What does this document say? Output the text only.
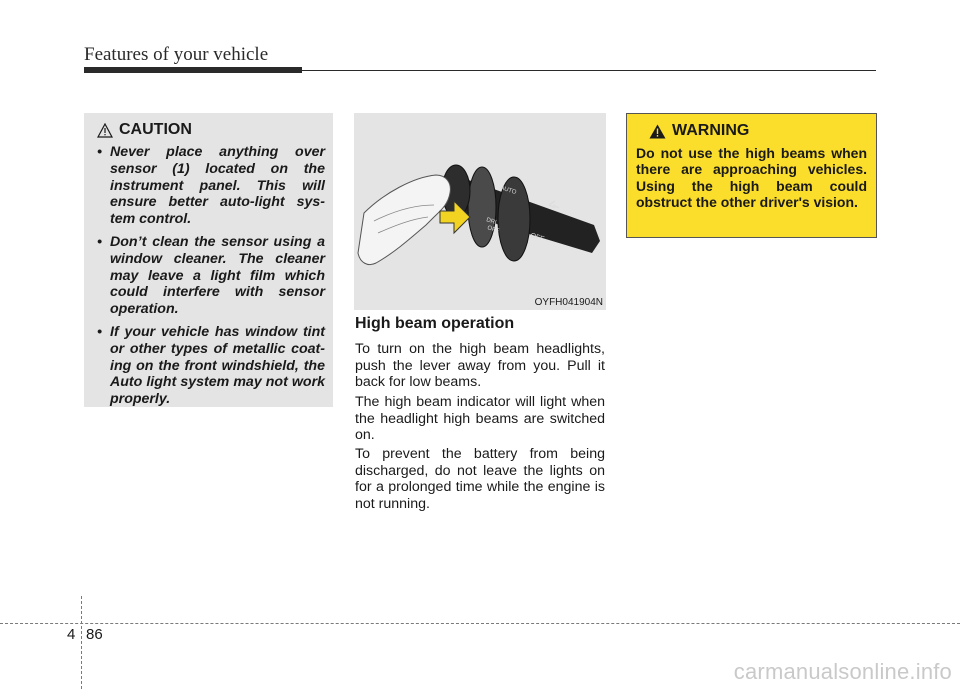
Features of your vehicle
CAUTION
• Never place anything over sensor (1) located on the instrument panel. This will ensure better auto-light sys-tem control.
• Don’t clean the sensor using a window cleaner. The cleaner may leave a light film which could interfere with sensor operation.
• If your vehicle has window tint or other types of metallic coat-ing on the front windshield, the Auto light system may not work properly.
AUTO
DRL
OFF
OFF
OYFH041904N
High beam operation

To turn on the high beam headlights, push the lever away from you. Pull it back for low beams.

The high beam indicator will light when the headlight high beams are switched on.

To prevent the battery from being discharged, do not leave the lights on for a prolonged time while the engine is not running.

WARNING

Do not use the high beams when there are approaching vehicles. Using the high beam could obstruct the other driver's vision.

4 86
carmanualsonline.info
